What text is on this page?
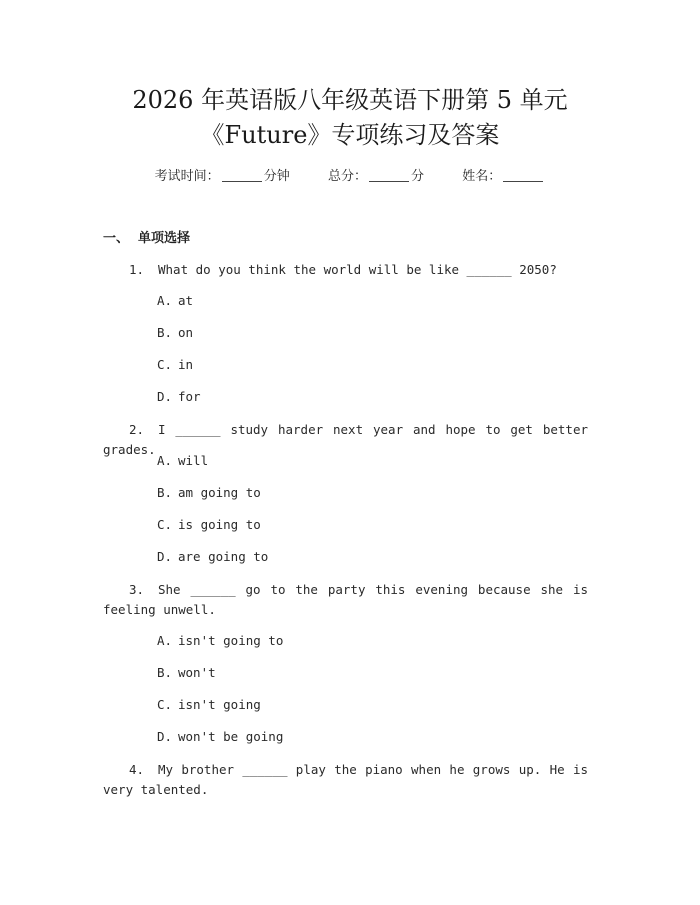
2026 年英语版八年级英语下册第 5 单元
《Future》专项练习及答案
考试时间：	分钟	总分：	分	姓名：
一、 单项选择
1.	What do you think the world will be like ______ 2050?
A. at
B. on
C. in
D. for
2.	I ______ study harder next year and hope to get better grades.
A. will
B. am going to
C. is going to
D. are going to
3.	She ______ go to the party this evening because she is feeling unwell.
A. isn't going to
B. won't
C. isn't going
D. won't be going
4.	My brother ______ play the piano when he grows up. He is very talented.
